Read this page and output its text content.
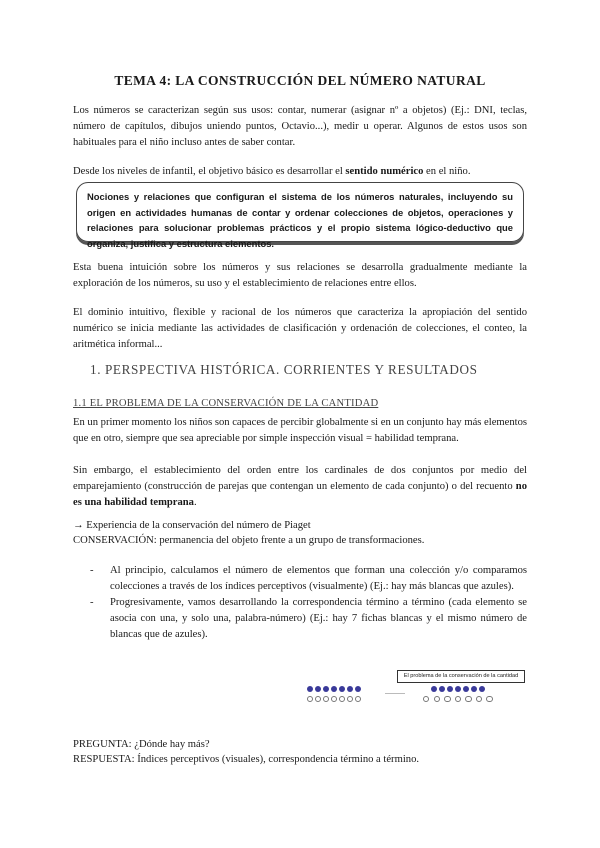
TEMA 4: LA CONSTRUCCIÓN DEL NÚMERO NATURAL
Los números se caracterizan según sus usos: contar, numerar (asignar nº a objetos) (Ej.: DNI, teclas, número de capítulos, dibujos uniendo puntos, Octavio...), medir u operar. Algunos de estos usos son habituales para el niño incluso antes de saber contar.
Desde los niveles de infantil, el objetivo básico es desarrollar el sentido numérico en el niño.
Nociones y relaciones que configuran el sistema de los números naturales, incluyendo su origen en actividades humanas de contar y ordenar colecciones de objetos, operaciones y relaciones para solucionar problemas prácticos y el propio sistema lógico-deductivo que organiza, justifica y estructura elementos.
Esta buena intuición sobre los números y sus relaciones se desarrolla gradualmente mediante la exploración de los números, su uso y el establecimiento de relaciones entre ellos.
El dominio intuitivo, flexible y racional de los números que caracteriza la apropiación del sentido numérico se inicia mediante las actividades de clasificación y ordenación de colecciones, el conteo, la aritmética informal...
1. PERSPECTIVA HISTÓRICA. CORRIENTES Y RESULTADOS
1.1 EL PROBLEMA DE LA CONSERVACIÓN DE LA CANTIDAD
En un primer momento los niños son capaces de percibir globalmente si en un conjunto hay más elementos que en otro, siempre que sea apreciable por simple inspección visual = habilidad temprana.
Sin embargo, el establecimiento del orden entre los cardinales de dos conjuntos por medio del emparejamiento (construcción de parejas que contengan un elemento de cada conjunto) o del recuento no es una habilidad temprana.
→ Experiencia de la conservación del número de Piaget
CONSERVACIÓN: permanencia del objeto frente a un grupo de transformaciones.
- Al principio, calculamos el número de elementos que forman una colección y/o comparamos colecciones a través de los índices perceptivos (visualmente) (Ej.: hay más blancas que azules).
- Progresivamente, vamos desarrollando la correspondencia término a término (cada elemento se asocia con una, y solo una, palabra-número) (Ej.: hay 7 fichas blancas y el mismo número de blancas que de azules).
El problema de la conservación de la cantidad
PREGUNTA: ¿Dónde hay más?
RESPUESTA: Índices perceptivos (visuales), correspondencia término a término.
